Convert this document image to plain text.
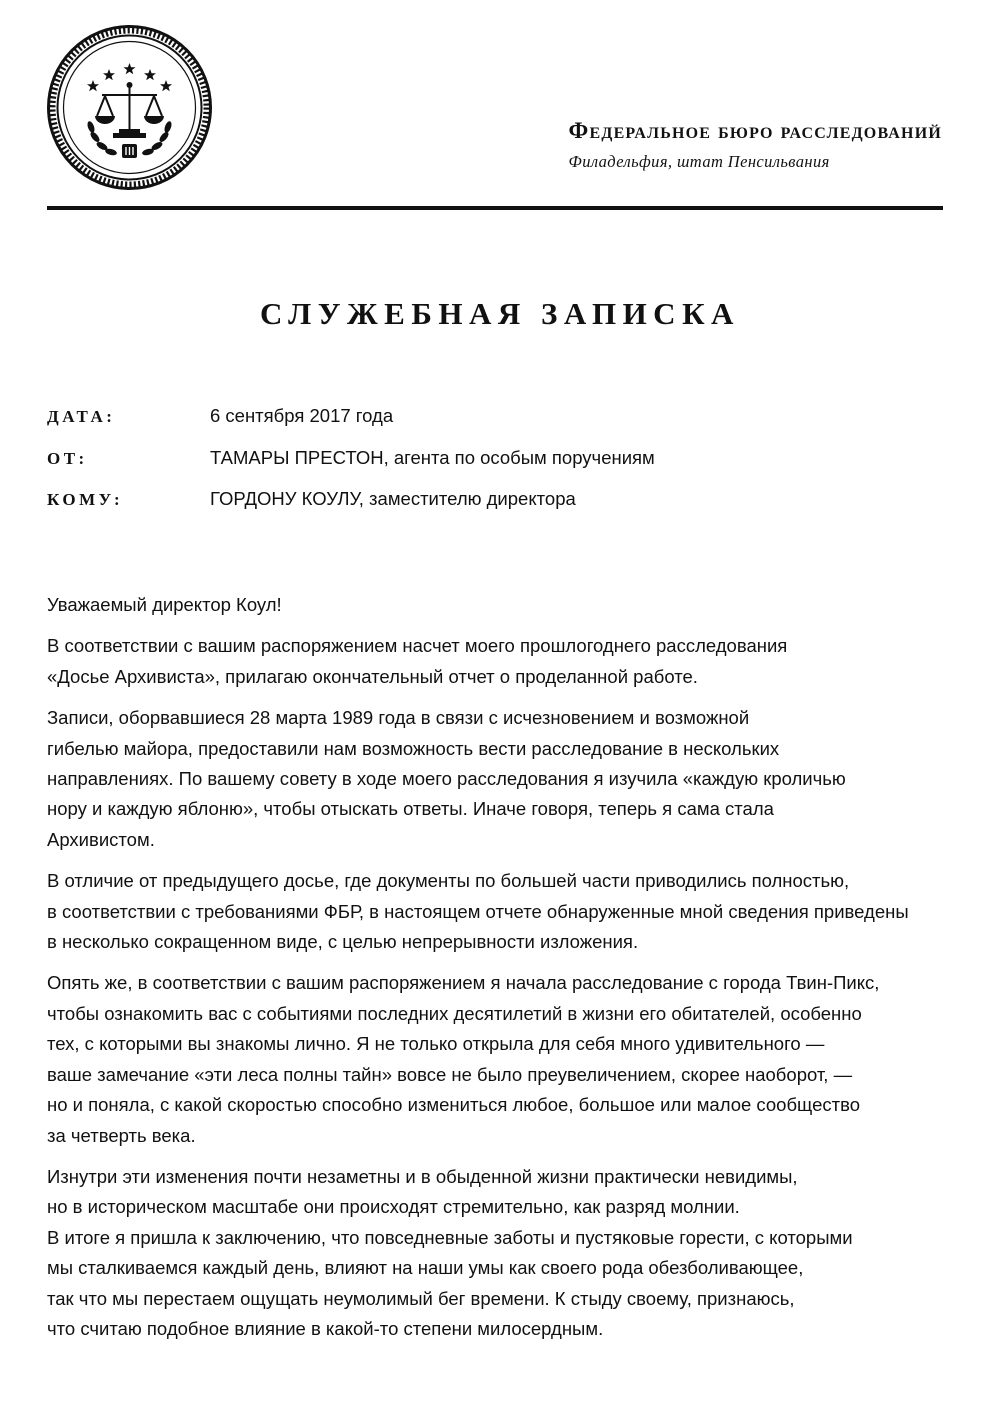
Федеральное бюро расследований
Филадельфия, штат Пенсильвания
СЛУЖЕБНАЯ ЗАПИСКА
ДАТА:	6 сентября 2017 года
ОТ:	ТАМАРЫ ПРЕСТОН, агента по особым поручениям
КОМУ:	ГОРДОНУ КОУЛУ, заместителю директора

Уважаемый директор Коул!

В соответствии с вашим распоряжением насчет моего прошлогоднего расследования
«Досье Архивиста», прилагаю окончательный отчет о проделанной работе.

Записи, оборвавшиеся 28 марта 1989 года в связи с исчезновением и возможной
гибелью майора, предоставили нам возможность вести расследование в нескольких
направлениях. По вашему совету в ходе моего расследования я изучила «каждую кроличью
нору и каждую яблоню», чтобы отыскать ответы. Иначе говоря, теперь я сама стала
Архивистом.

В отличие от предыдущего досье, где документы по большей части приводились полностью,
в соответствии с требованиями ФБР, в настоящем отчете обнаруженные мной сведения приведены
в несколько сокращенном виде, с целью непрерывности изложения.

Опять же, в соответствии с вашим распоряжением я начала расследование с города Твин-Пикс,
чтобы ознакомить вас с событиями последних десятилетий в жизни его обитателей, особенно
тех, с которыми вы знакомы лично. Я не только открыла для себя много удивительного —
ваше замечание «эти леса полны тайн» вовсе не было преувеличением, скорее наоборот, —
но и поняла, с какой скоростью способно измениться любое, большое или малое сообщество
за четверть века.

Изнутри эти изменения почти незаметны и в обыденной жизни практически невидимы,
но в историческом масштабе они происходят стремительно, как разряд молнии.
В итоге я пришла к заключению, что повседневные заботы и пустяковые горести, с которыми
мы сталкиваемся каждый день, влияют на наши умы как своего рода обезболивающее,
так что мы перестаем ощущать неумолимый бег времени. К стыду своему, признаюсь,
что считаю подобное влияние в какой-то степени милосердным.
